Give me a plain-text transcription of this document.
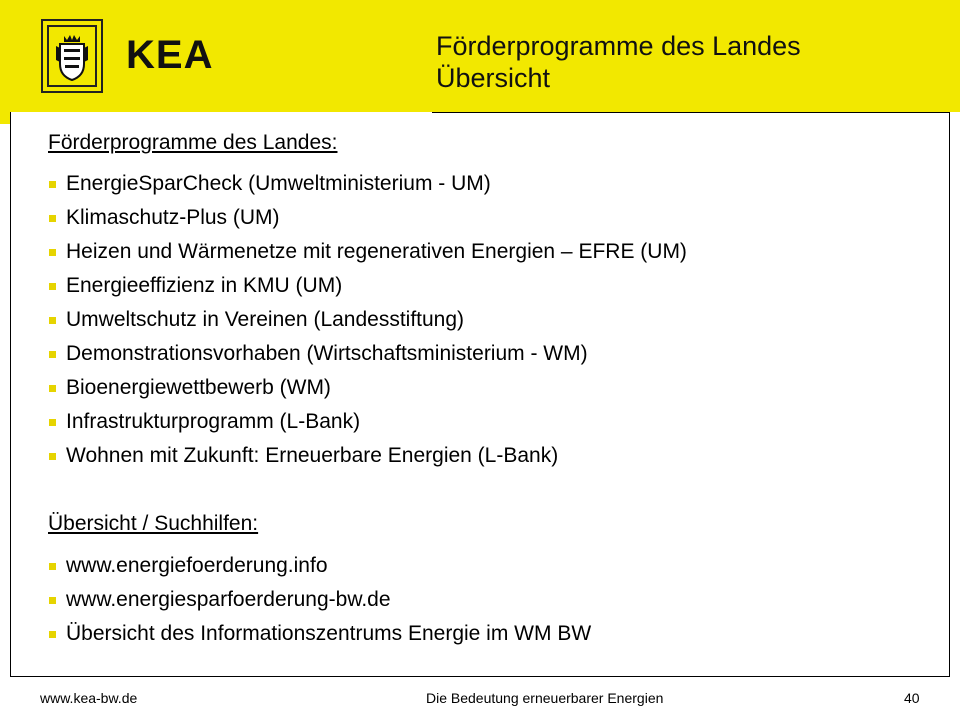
KEA	Förderprogramme des Landes
Übersicht
Förderprogramme des Landes:
EnergieSparCheck (Umweltministerium - UM)
Klimaschutz-Plus (UM)
Heizen und Wärmenetze mit regenerativen Energien – EFRE (UM)
Energieeffizienz in KMU (UM)
Umweltschutz in Vereinen (Landesstiftung)
Demonstrationsvorhaben (Wirtschaftsministerium - WM)
Bioenergiewettbewerb (WM)
Infrastrukturprogramm (L-Bank)
Wohnen mit Zukunft: Erneuerbare Energien (L-Bank)
Übersicht / Suchhilfen:
www.energiefoerderung.info
www.energiesparfoerderung-bw.de
Übersicht des Informationszentrums Energie im WM BW
www.kea-bw.de	Die Bedeutung erneuerbarer Energien	40
